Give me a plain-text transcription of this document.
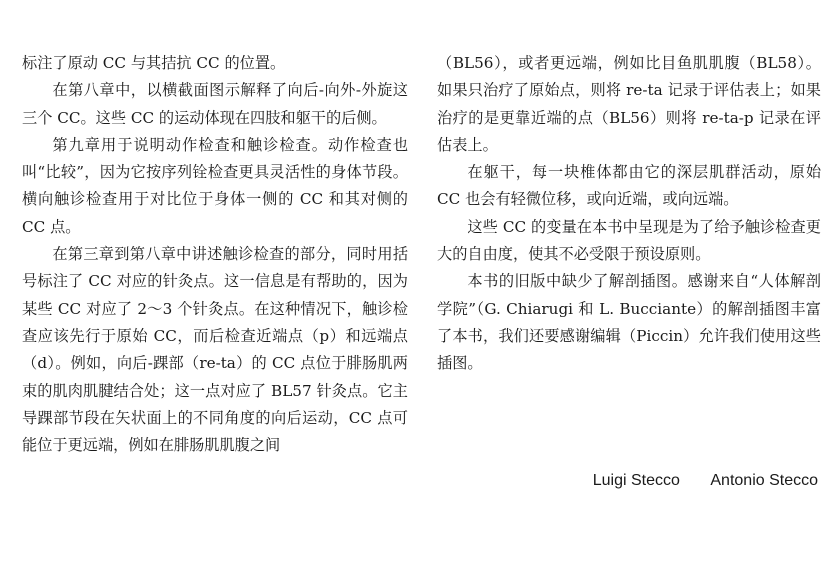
标注了原动 CC 与其拮抗 CC 的位置。

在第八章中，以横截面图示解释了向后-向外-外旋这三个 CC。这些 CC 的运动体现在四肢和躯干的后侧。

第九章用于说明动作检查和触诊检查。动作检查也叫“比较”，因为它按序列铨检查更具灵活性的身体节段。横向触诊检查用于对比位于身体一侧的 CC 和其对侧的 CC 点。

在第三章到第八章中讲述触诊检查的部分，同时用括号标注了 CC 对应的针灸点。这一信息是有帮助的，因为某些 CC 对应了 2～3 个针灸点。在这种情况下，触诊检查应该先行于原始 CC，而后检查近端点（p）和远端点（d）。例如，向后-踝部（re-ta）的 CC 点位于腓肠肌两束的肌肉肌腱结合处；这一点对应了 BL57 针灸点。它主导踝部节段在矢状面上的不同角度的向后运动，CC 点可能位于更远端，例如在腓肠肌肌腹之间

（BL56），或者更远端，例如比目鱼肌肌腹（BL58）。如果只治疗了原始点，则将 re-ta 记录于评估表上；如果治疗的是更靠近端的点（BL56）则将 re-ta-p 记录在评估表上。

在躯干，每一块椎体都由它的深层肌群活动，原始 CC 也会有轻微位移，或向近端，或向远端。

这些 CC 的变量在本书中呈现是为了给予触诊检查更大的自由度，使其不必受限于预设原则。

本书的旧版中缺少了解剖插图。感谢来自“人体解剖学院”（G. Chiarugi 和 L. Bucciante）的解剖插图丰富了本书，我们还要感谢编辑（Piccin）允许我们使用这些插图。

Luigi Stecco Antonio Stecco
